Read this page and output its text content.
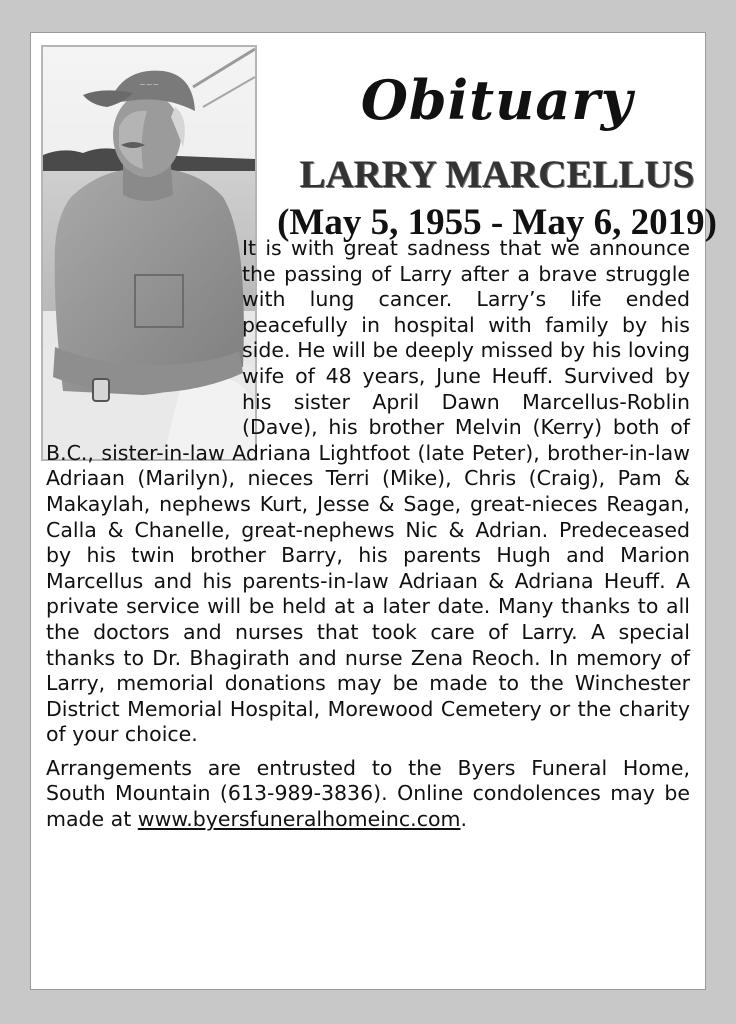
~~~	Obituary
LARRY MARCELLUS
(May 5, 1955 - May 6, 2019)
It is with great sadness that we announce the passing of Larry after a brave struggle with lung cancer. Larry’s life ended peacefully in hospital with family by his side. He will be deeply missed by his loving wife of 48 years, June Heuff. Survived by his sister April Dawn Marcellus-Roblin (Dave), his brother Melvin (Kerry) both of B.C., sister-in-law Adriana Lightfoot (late Peter), brother-in-law Adriaan (Marilyn), nieces Terri (Mike), Chris (Craig), Pam & Makaylah, nephews Kurt, Jesse & Sage, great-nieces Reagan, Calla & Chanelle, great-nephews Nic & Adrian. Predeceased by his twin brother Barry, his parents Hugh and Marion Marcellus and his parents-in-law Adriaan & Adriana Heuff. A private service will be held at a later date. Many thanks to all the doctors and nurses that took care of Larry. A special thanks to Dr. Bhagirath and nurse Zena Reoch. In memory of Larry, memorial donations may be made to the Winchester District Memorial Hospital, Morewood Cemetery or the charity of your choice.
Arrangements are entrusted to the Byers Funeral Home, South Mountain (613-989-3836). Online condolences may be made at www.byersfuneralhomeinc.com.
